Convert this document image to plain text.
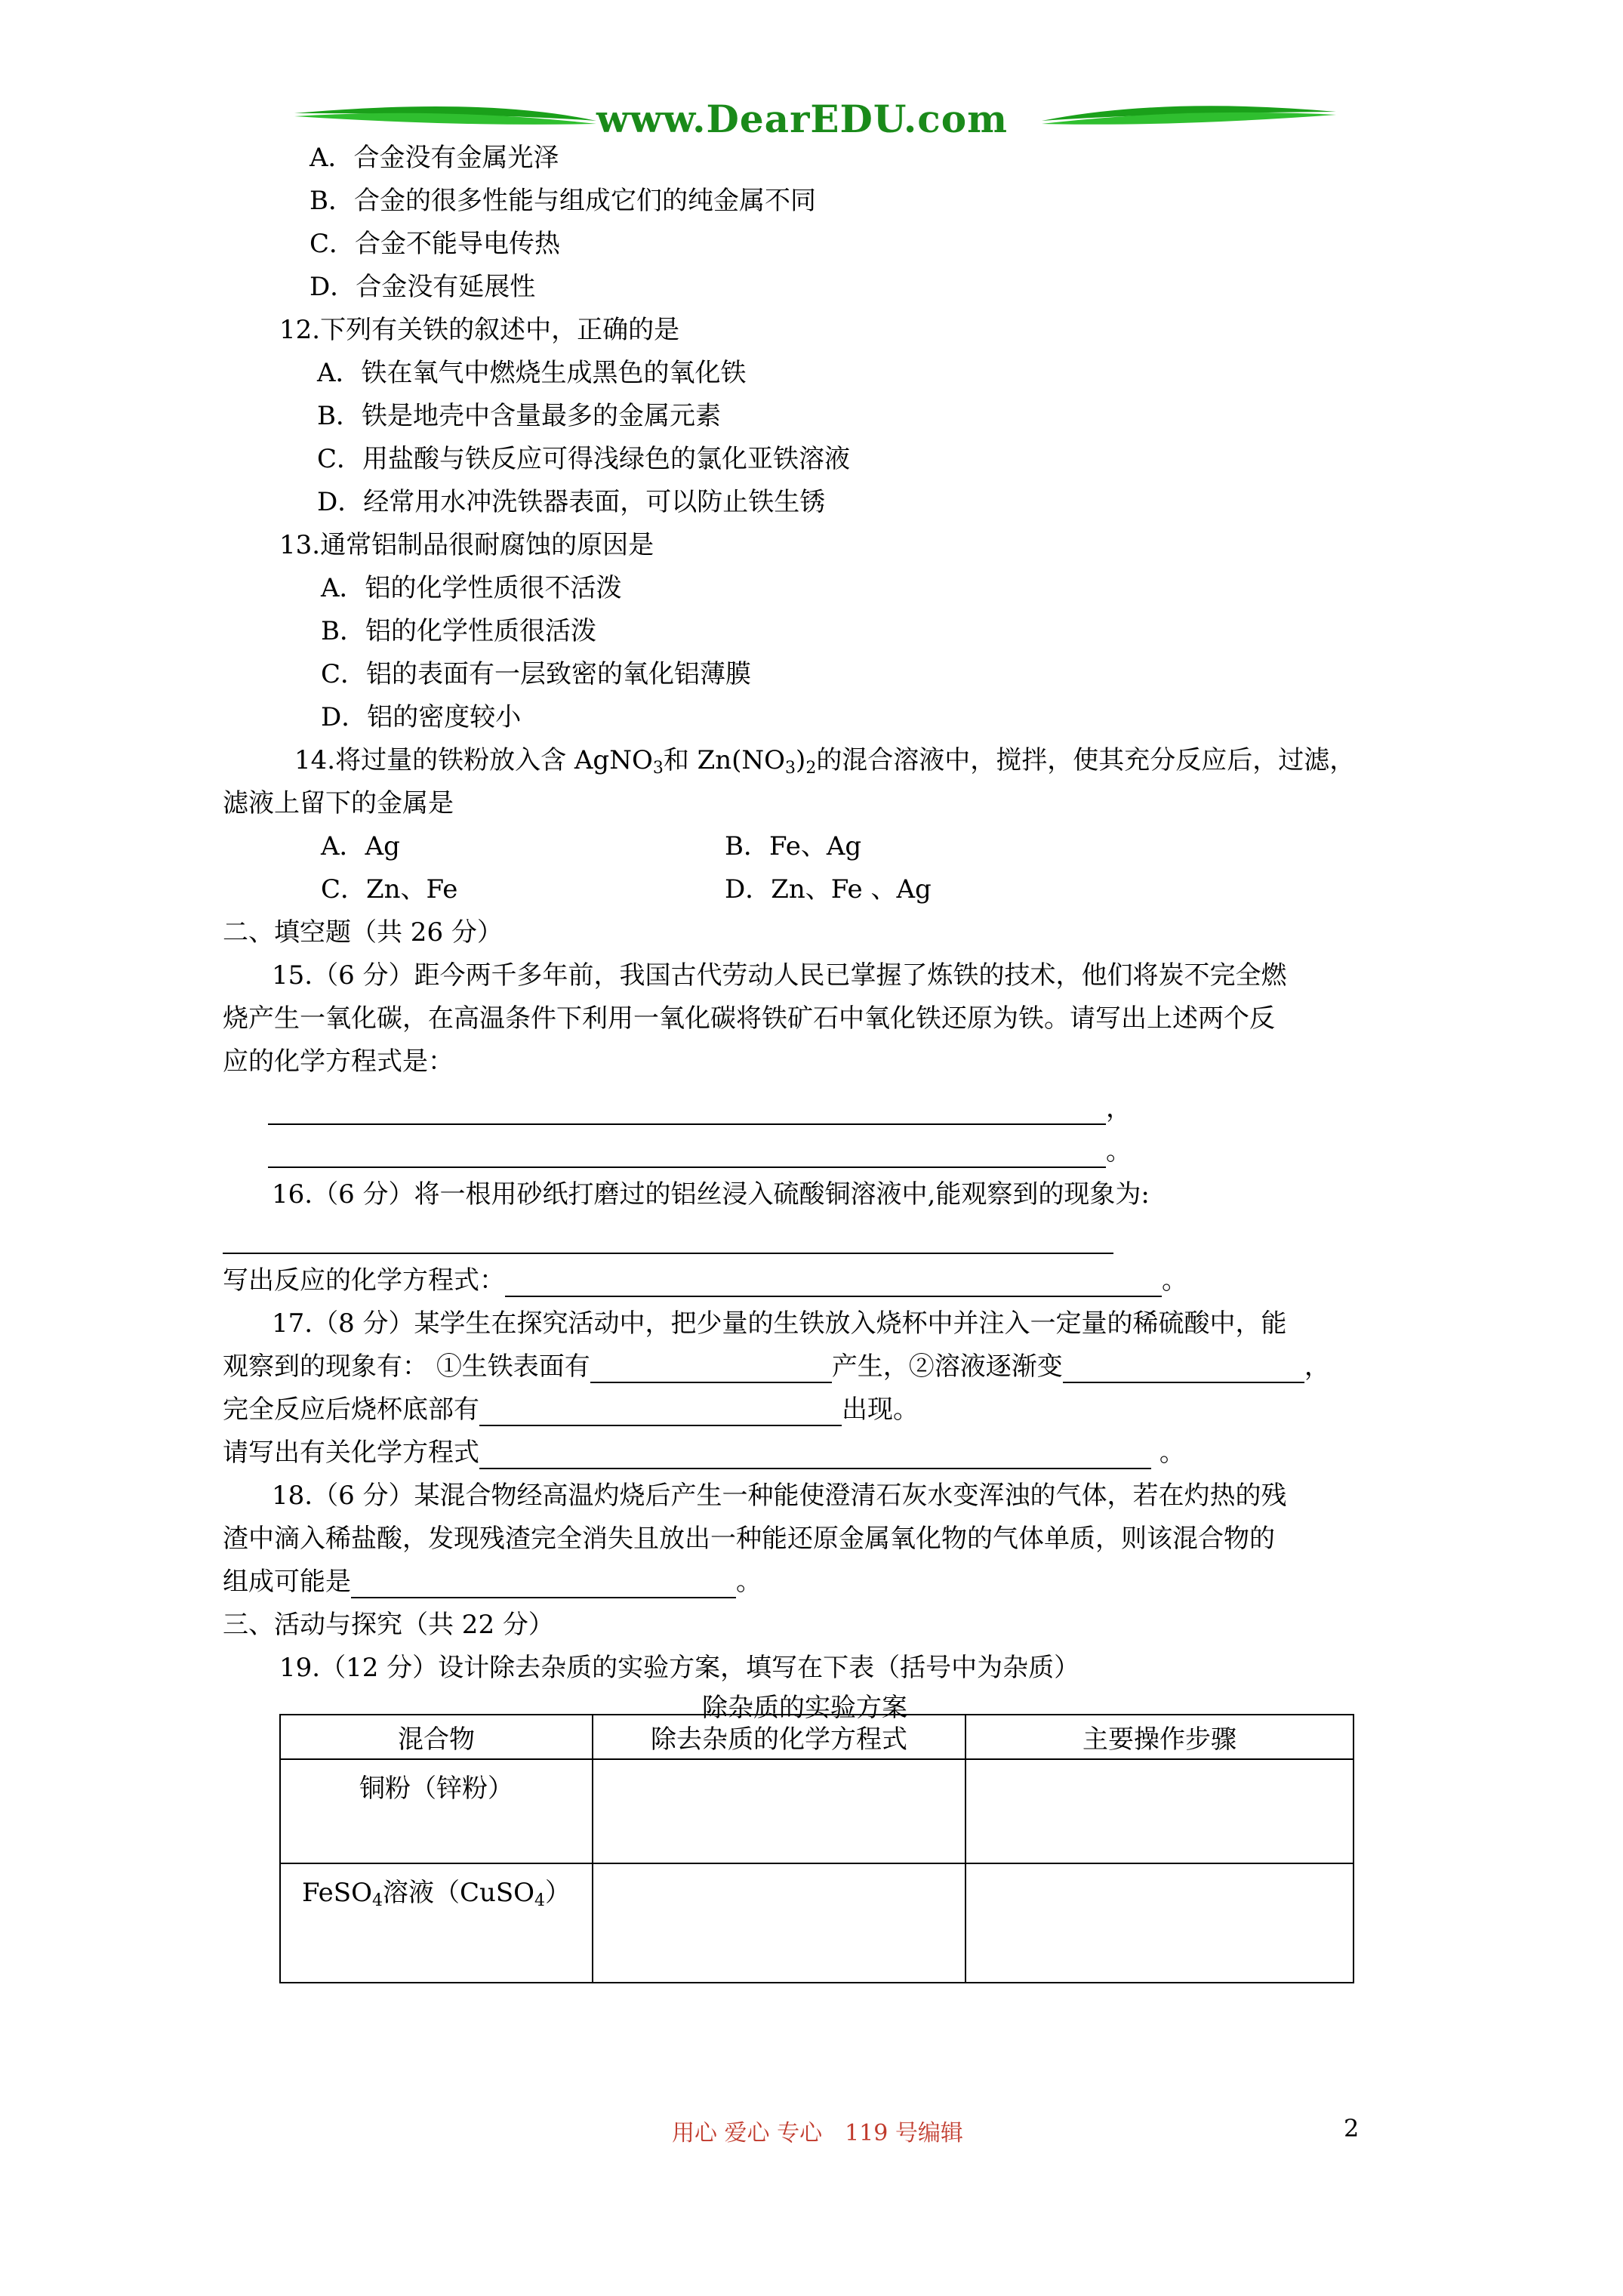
www.DearEDU.com
A．合金没有金属光泽
B．合金的很多性能与组成它们的纯金属不同
C．合金不能导电传热
D．合金没有延展性
12.下列有关铁的叙述中，正确的是
A．铁在氧气中燃烧生成黑色的氧化铁
B．铁是地壳中含量最多的金属元素
C．用盐酸与铁反应可得浅绿色的氯化亚铁溶液
D．经常用水冲洗铁器表面，可以防止铁生锈
13.通常铝制品很耐腐蚀的原因是
A．铝的化学性质很不活泼
B．铝的化学性质很活泼
C．铝的表面有一层致密的氧化铝薄膜
D．铝的密度较小
14.将过量的铁粉放入含 AgNO$_3$和 $Zn(NO_3)_2$的混合溶液中，搅拌，使其充分反应后，过滤，
滤液上留下的金属是
A．Ag	B．Fe、Ag
C．Zn、Fe	D．Zn、Fe 、Ag
二、填空题（共 26 分）
15.（6 分）距今两千多年前，我国古代劳动人民已掌握了炼铁的技术，他们将炭不完全燃
烧产生一氧化碳，在高温条件下利用一氧化碳将铁矿石中氧化铁还原为铁。请写出上述两个反
应的化学方程式是：
，
。
16.（6 分）将一根用砂纸打磨过的铝丝浸入硫酸铜溶液中,能观察到的现象为:
写出反应的化学方程式：	。
17.（8 分）某学生在探究活动中，把少量的生铁放入烧杯中并注入一定量的稀硫酸中，能
观察到的现象有： ①生铁表面有	产生，②溶液逐渐变	，
完全反应后烧杯底部有	出现。
请写出有关化学方程式	。
18.（6 分）某混合物经高温灼烧后产生一种能使澄清石灰水变浑浊的气体，若在灼热的残
渣中滴入稀盐酸，发现残渣完全消失且放出一种能还原金属氧化物的气体单质，则该混合物的
组成可能是	。
三、活动与探究（共 22 分）
19.（12 分）设计除去杂质的实验方案，填写在下表（括号中为杂质）
除杂质的实验方案
混合物	除去杂质的化学方程式	主要操作步骤
铜粉（锌粉）		
FeSO$_4$溶液（CuSO$_4$）		
用心 爱心 专心　119 号编辑	2
